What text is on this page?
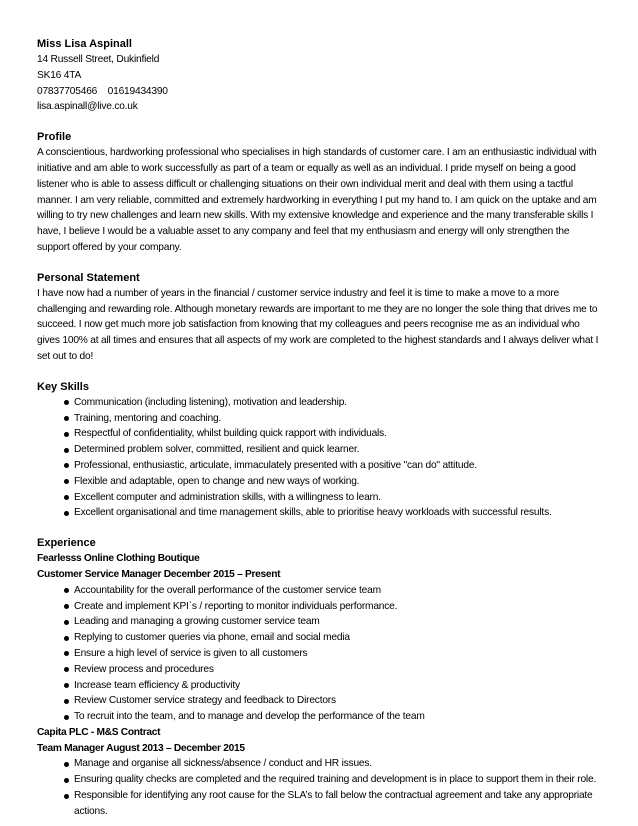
Miss Lisa Aspinall
14 Russell Street, Dukinfield
SK16 4TA
07837705466    01619434390
lisa.aspinall@live.co.uk
Profile

A conscientious, hardworking professional who specialises in high standards of customer care. I am an enthusiastic individual with initiative and am able to work successfully as part of a team or equally as well as an individual. I pride myself on being a good listener who is able to assess difficult or challenging situations on their own individual merit and deal with them using a tactful manner. I am very reliable, committed and extremely hardworking in everything I put my hand to. I am quick on the uptake and am willing to try new challenges and learn new skills. With my extensive knowledge and experience and the many transferable skills I have, I believe I would be a valuable asset to any company and feel that my enthusiasm and energy will only strengthen the support offered by your company.

Personal Statement

I have now had a number of years in the financial / customer service industry and feel it is time to make a move to a more challenging and rewarding role. Although monetary rewards are important to me they are no longer the sole thing that drives me to succeed. I now get much more job satisfaction from knowing that my colleagues and peers recognise me as an individual who gives 100% at all times and ensures that all aspects of my work are completed to the highest standards and I always deliver what I set out to do!

Key Skills
Communication (including listening), motivation and leadership.
Training, mentoring and coaching.
Respectful of confidentiality, whilst building quick rapport with individuals.
Determined problem solver, committed, resilient and quick learner.
Professional, enthusiastic, articulate, immaculately presented with a positive "can do" attitude.
Flexible and adaptable, open to change and new ways of working.
Excellent computer and administration skills, with a willingness to learn.
Excellent organisational and time management skills, able to prioritise heavy workloads with successful results.
Experience
Fearlesss Online Clothing Boutique
Customer Service Manager December 2015 – Present
Accountability for the overall performance of the customer service team
Create and implement KPI`s / reporting to monitor individuals performance.
Leading and managing a growing customer service team
Replying to customer queries via phone, email and social media
Ensure a high level of service is given to all customers
Review process and procedures
Increase team efficiency & productivity
Review Customer service strategy and feedback to Directors
To recruit into the team, and to manage and develop the performance of the team
Capita PLC - M&S Contract
Team Manager August 2013 – December 2015
Manage and organise all sickness/absence / conduct and HR issues.
Ensuring quality checks are completed and the required training and development is in place to support them in their role.
Responsible for identifying any root cause for the SLA’s to fall below the contractual agreement and take any appropriate actions.
